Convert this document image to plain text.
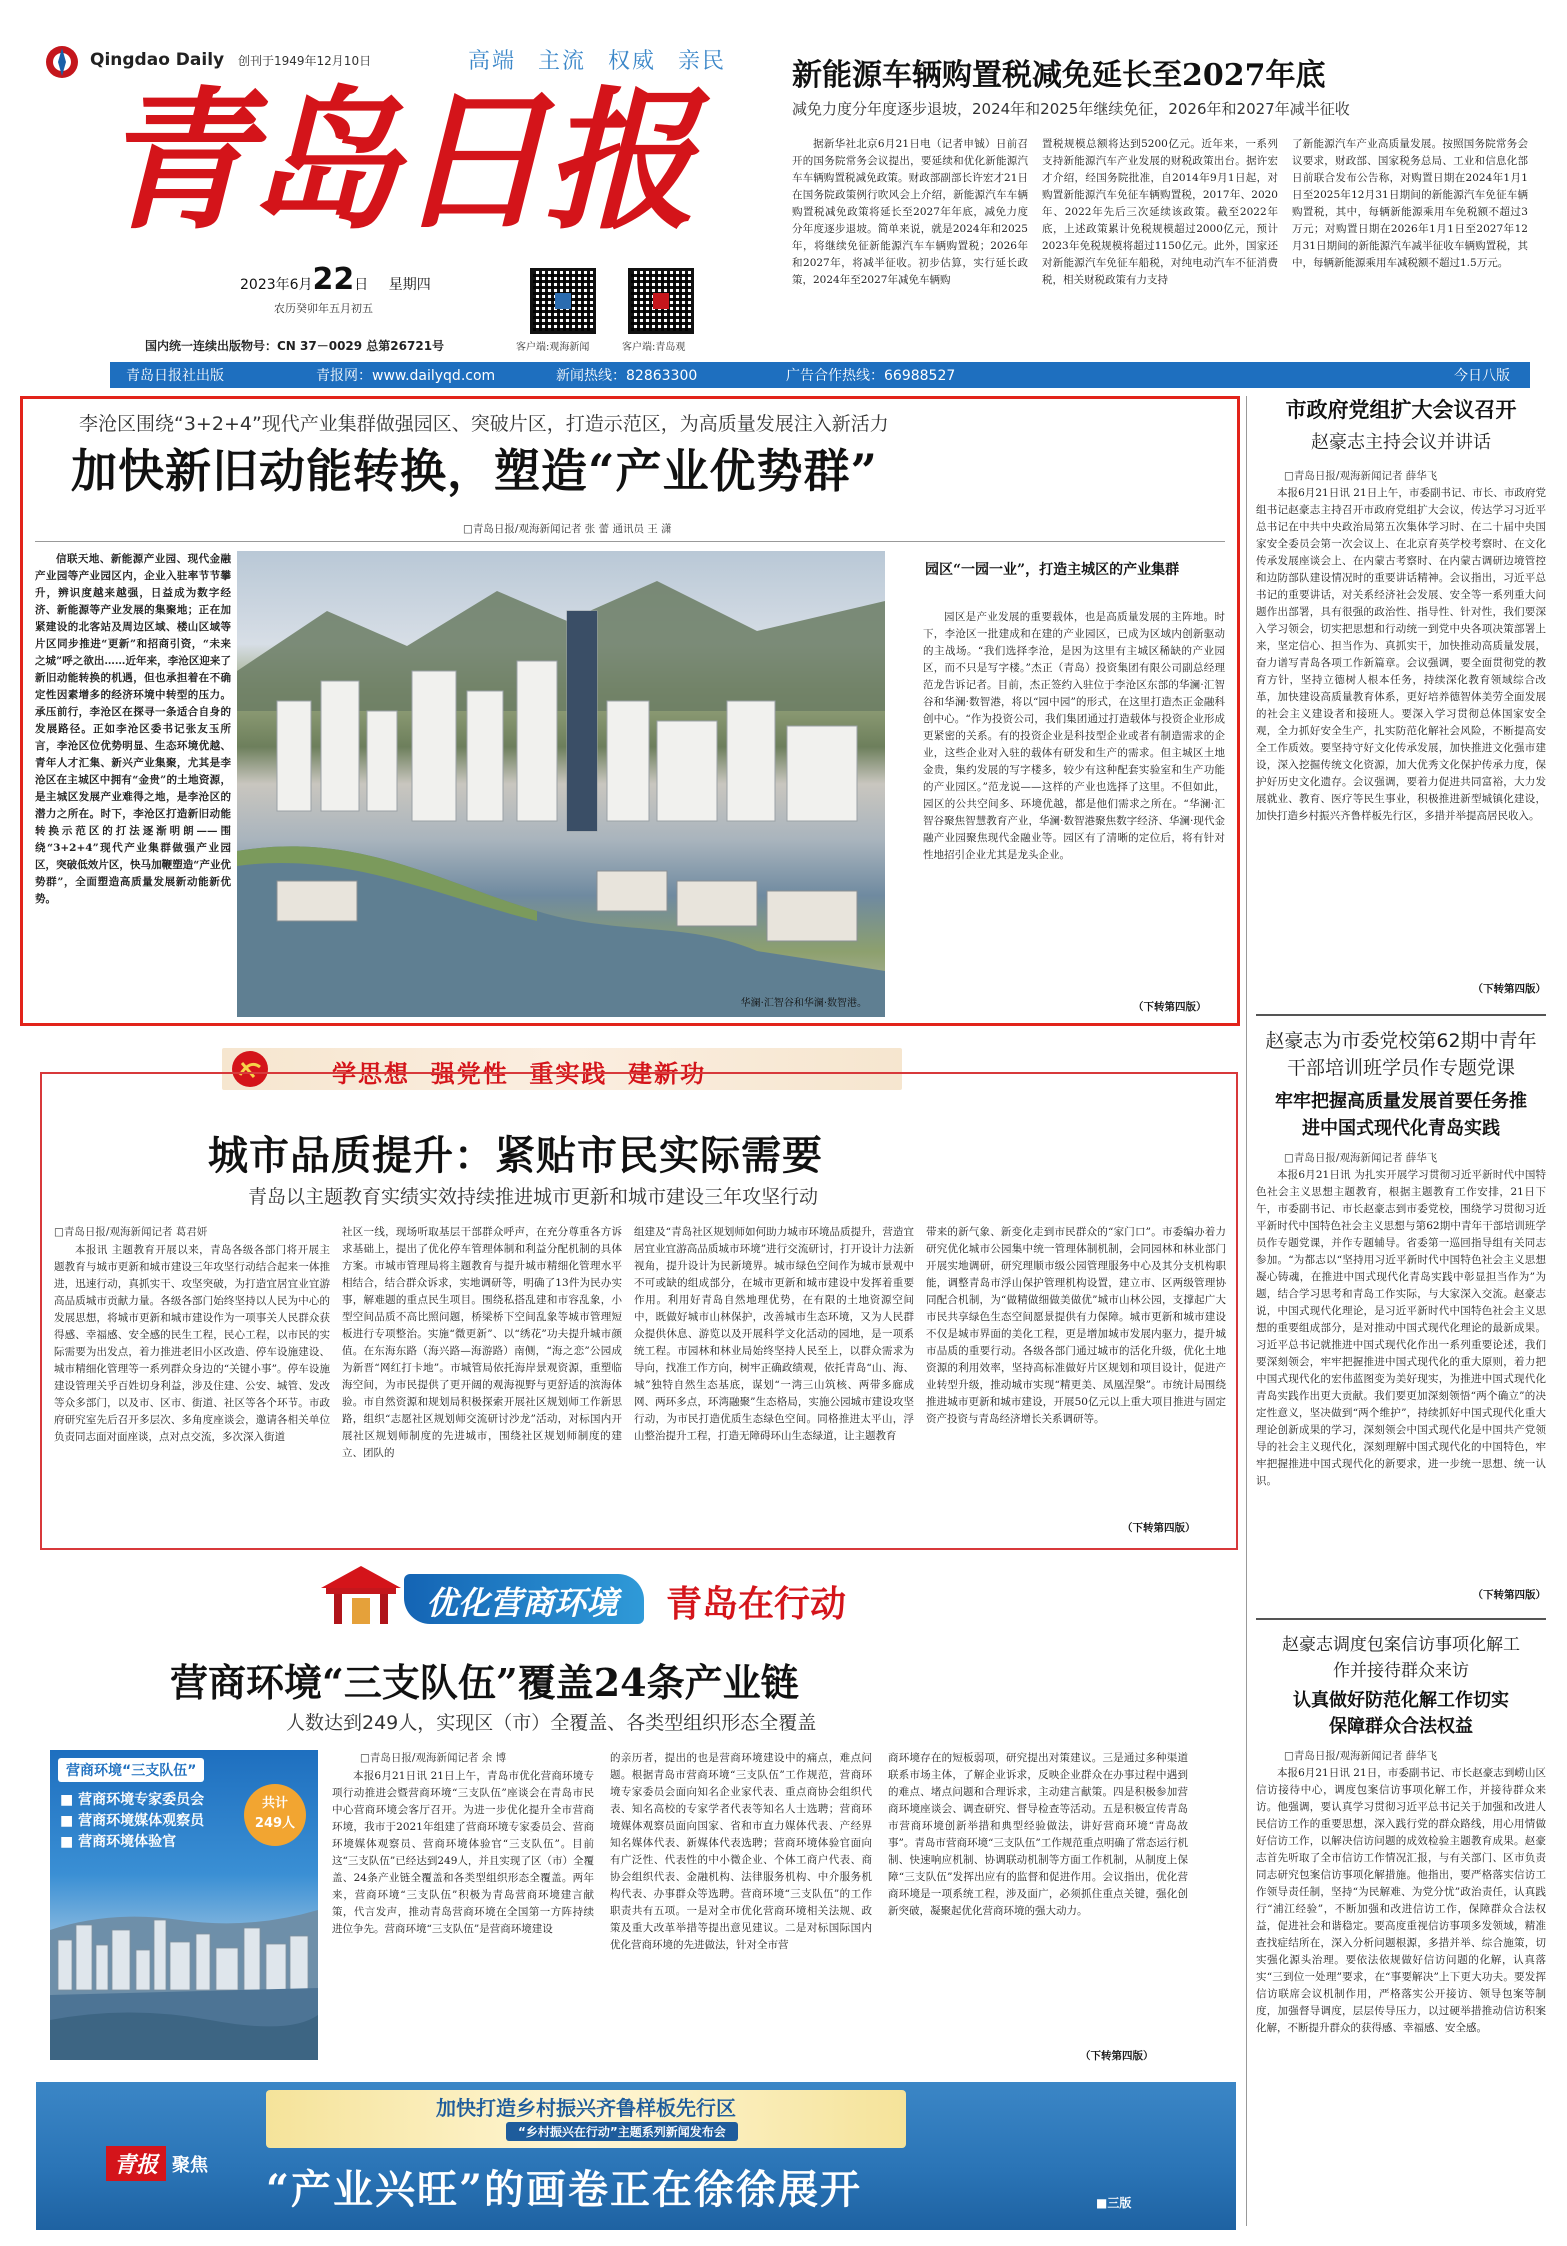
Qingdao Daily 创刊于1949年12月10日	高端 主流 权威 亲民
青岛日报
2023年6月22日 星期四
农历癸卯年五月初五
国内统一连续出版物号：CN 37－0029 总第26721号	客户端:观海新闻	客户端:青岛观
新能源车辆购置税减免延长至2027年底
减免力度分年度逐步退坡，2024年和2025年继续免征，2026年和2027年减半征收
据新华社北京6月21日电（记者申铖）日前召开的国务院常务会议提出，要延续和优化新能源汽车车辆购置税减免政策。财政部副部长许宏才21日在国务院政策例行吹风会上介绍，新能源汽车车辆购置税减免政策将延长至2027年年底，减免力度分年度逐步退坡。简单来说，就是2024年和2025年，将继续免征新能源汽车车辆购置税；2026年和2027年，将减半征收。初步估算，实行延长政策，2024年至2027年减免车辆购
置税规模总额将达到5200亿元。近年来，一系列支持新能源汽车产业发展的财税政策出台。据许宏才介绍，经国务院批准，自2014年9月1日起，对购置新能源汽车免征车辆购置税，2017年、2020年、2022年先后三次延续该政策。截至2022年底，上述政策累计免税规模超过2000亿元，预计2023年免税规模将超过1150亿元。此外，国家还对新能源汽车免征车船税，对纯电动汽车不征消费税，相关财税政策有力支持
了新能源汽车产业高质量发展。按照国务院常务会议要求，财政部、国家税务总局、工业和信息化部日前联合发布公告称，对购置日期在2024年1月1日至2025年12月31日期间的新能源汽车免征车辆购置税，其中，每辆新能源乘用车免税额不超过3万元；对购置日期在2026年1月1日至2027年12月31日期间的新能源汽车减半征收车辆购置税，其中，每辆新能源乘用车减税额不超过1.5万元。
青岛日报社出版	青报网：www.dailyqd.com	新闻热线：82863300	广告合作热线：66988527	今日八版
李沧区围绕“3+2+4”现代产业集群做强园区、突破片区，打造示范区，为高质量发展注入新活力
加快新旧动能转换，塑造“产业优势群”
□青岛日报/观海新闻记者 张 蕾 通讯员 王 潇
信联天地、新能源产业园、现代金融产业园等产业园区内，企业入驻率节节攀升，辨识度越来越强，日益成为数字经济、新能源等产业发展的集聚地；正在加紧建设的北客站及周边区域、楼山区域等片区同步推进“更新”和招商引资，“未来之城”呼之欲出……近年来，李沧区迎来了新旧动能转换的机遇，但也承担着在不确定性因素增多的经济环境中转型的压力。承压前行，李沧区在探寻一条适合自身的发展路径。正如李沧区委书记张友玉所言，李沧区位优势明显、生态环境优越、青年人才汇集、新兴产业集聚，尤其是李沧区在主城区中拥有“金贵”的土地资源，是主城区发展产业难得之地，是李沧区的潜力之所在。时下，李沧区打造新旧动能转换示范区的打法逐渐明朗——围绕“3+2+4”现代产业集群做强产业园区，突破低效片区，快马加鞭塑造“产业优势群”，全面塑造高质量发展新动能新优势。
华澜·汇智谷和华澜·数智港。
园区“一园一业”，打造主城区的产业集群
园区是产业发展的重要载体，也是高质量发展的主阵地。时下，李沧区一批建成和在建的产业园区，已成为区域内创新驱动的主战场。“我们选择李沧，是因为这里有主城区稀缺的产业园区，而不只是写字楼。”杰正（青岛）投资集团有限公司副总经理范龙告诉记者。目前，杰正签约入驻位于李沧区东部的华澜·汇智谷和华澜·数智港，将以“园中园”的形式，在这里打造杰正金融科创中心。“作为投资公司，我们集团通过打造载体与投资企业形成更紧密的关系。有的投资企业是科技型企业或者有制造需求的企业，这些企业对入驻的载体有研发和生产的需求。但主城区土地金贵，集约发展的写字楼多，较少有这种配套实验室和生产功能的产业园区。”范龙说——这样的产业也选择了这里。不但如此，园区的公共空间多、环境优越，都是他们需求之所在。“华澜·汇智谷聚焦智慧教育产业，华澜·数智港聚焦数字经济、华澜·现代金融产业园聚焦现代金融业等。园区有了清晰的定位后，将有针对性地招引企业尤其是龙头企业。
（下转第四版）
市政府党组扩大会议召开
赵豪志主持会议并讲话
□青岛日报/观海新闻记者 薛华飞
本报6月21日讯 21日上午，市委副书记、市长、市政府党组书记赵豪志主持召开市政府党组扩大会议，传达学习习近平总书记在中共中央政治局第五次集体学习时、在二十届中央国家安全委员会第一次会议上、在北京育英学校考察时、在文化传承发展座谈会上、在内蒙古考察时、在内蒙古调研边境管控和边防部队建设情况时的重要讲话精神。会议指出，习近平总书记的重要讲话，对关系经济社会发展、安全等一系列重大问题作出部署，具有很强的政治性、指导性、针对性，我们要深入学习领会，切实把思想和行动统一到党中央各项决策部署上来，坚定信心、担当作为、真抓实干，加快推动高质量发展，奋力谱写青岛各项工作新篇章。会议强调，要全面贯彻党的教育方针，坚持立德树人根本任务，持续深化教育领域综合改革，加快建设高质量教育体系，更好培养德智体美劳全面发展的社会主义建设者和接班人。要深入学习贯彻总体国家安全观，全力抓好安全生产，扎实防范化解社会风险，不断提高安全工作质效。要坚持守好文化传承发展，加快推进文化强市建设，深入挖掘传统文化资源，加大优秀文化保护传承力度，保护好历史文化遗存。会议强调，要着力促进共同富裕，大力发展就业、教育、医疗等民生事业，积极推进新型城镇化建设，加快打造乡村振兴齐鲁样板先行区，多措并举提高居民收入。
（下转第四版）
赵豪志为市委党校第62期中青年干部培训班学员作专题党课
牢牢把握高质量发展首要任务推进中国式现代化青岛实践
□青岛日报/观海新闻记者 薛华飞
本报6月21日讯 为扎实开展学习贯彻习近平新时代中国特色社会主义思想主题教育，根据主题教育工作安排，21日下午，市委副书记、市长赵豪志到市委党校，围绕学习贯彻习近平新时代中国特色社会主义思想与第62期中青年干部培训班学员作专题党课，并作专题辅导。省委第一巡回指导组有关同志参加。“为都志以“坚持用习近平新时代中国特色社会主义思想凝心铸魂，在推进中国式现代化青岛实践中彰显担当作为”为题，结合学习思考和青岛工作实际，与大家深入交流。赵豪志说，中国式现代化理论，是习近平新时代中国特色社会主义思想的重要组成部分，是对推动中国式现代化理论的最新成果。习近平总书记就推进中国式现代化作出一系列重要论述，我们要深刻领会，牢牢把握推进中国式现代化的重大原则，着力把中国式现代化的宏伟蓝图变为美好现实，为推进中国式现代化青岛实践作出更大贡献。我们要更加深刻领悟“两个确立”的决定性意义，坚决做到“两个维护”，持续抓好中国式现代化重大理论创新成果的学习，深刻领会中国式现代化是中国共产党领导的社会主义现代化，深刻理解中国式现代化的中国特色，牢牢把握推进中国式现代化的新要求，进一步统一思想、统一认识。
（下转第四版）
赵豪志调度包案信访事项化解工作并接待群众来访
认真做好防范化解工作切实保障群众合法权益
□青岛日报/观海新闻记者 薛华飞
本报6月21日讯 21日，市委副书记、市长赵豪志到崂山区信访接待中心，调度包案信访事项化解工作，并接待群众来访。他强调，要认真学习贯彻习近平总书记关于加强和改进人民信访工作的重要思想，深入践行党的群众路线，用心用情做好信访工作，以解决信访问题的成效检验主题教育成果。赵豪志首先听取了全市信访工作情况汇报，与有关部门、区市负责同志研究包案信访事项化解措施。他指出，要严格落实信访工作领导责任制，坚持“为民解难、为党分忧”政治责任，认真践行“浦江经验”，不断加强和改进信访工作，保障群众合法权益，促进社会和谐稳定。要高度重视信访事项多发领域，精准查找症结所在，深入分析问题根源，多措并举、综合施策，切实强化源头治理。要依法依规做好信访问题的化解，认真落实“三到位一处理”要求，在“事要解决”上下更大功夫。要发挥信访联席会议机制作用，严格落实公开接访、领导包案等制度，加强督导调度，层层传导压力，以过硬举措推动信访积案化解，不断提升群众的获得感、幸福感、安全感。
学思想  强党性  重实践  建新功
城市品质提升：紧贴市民实际需要
青岛以主题教育实绩实效持续推进城市更新和城市建设三年攻坚行动
□青岛日报/观海新闻记者 葛君妍
本报讯 主题教育开展以来，青岛各级各部门将开展主题教育与城市更新和城市建设三年攻坚行动结合起来一体推进，迅速行动，真抓实干、攻坚突破，为打造宜居宜业宜游高品质城市贡献力量。各级各部门始终坚持以人民为中心的发展思想，将城市更新和城市建设作为一项事关人民群众获得感、幸福感、安全感的民生工程，民心工程，以市民的实际需要为出发点，着力推进老旧小区改造、停车设施建设、城市精细化管理等一系列群众身边的“关键小事”。停车设施建设管理关乎百姓切身利益，涉及住建、公安、城管、发改等众多部门，以及市、区市、街道、社区等各个环节。市政府研究室先后召开多层次、多角度座谈会，邀请各相关单位负责同志面对面座谈，点对点交流，多次深入街道
社区一线，现场听取基层干部群众呼声，在充分尊重各方诉求基础上，提出了优化停车管理体制和利益分配机制的具体方案。市城市管理局将主题教育与提升城市精细化管理水平相结合，结合群众诉求，实地调研等，明确了13件为民办实事，解难题的重点民生项目。围绕私搭乱建和市容乱象，小型空间品质不高比照问题，桥梁桥下空间乱象等城市管理短板进行专项整治。实施“微更新”、以“绣花”功夫提升城市颜值。在东海东路（海兴路—海游路）南侧，“海之恋”公园成为新晋“网红打卡地”。市城管局依托海岸景观资源，重塑临海空间，为市民提供了更开阔的观海视野与更舒适的滨海体验。市自然资源和规划局积极探索开展社区规划师工作新思路，组织“志愿社区规划师交流研讨沙龙”活动，对标国内开展社区规划师制度的先进城市，围绕社区规划师制度的建立、团队的
组建及“青岛社区规划师如何助力城市环境品质提升，营造宜居宜业宜游高品质城市环境”进行交流研讨，打开设计力法新视角，提升设计为民新境界。城市绿色空间作为城市景观中不可或缺的组成部分，在城市更新和城市建设中发挥着重要作用。利用好青岛自然地理优势，在有限的土地资源空间中，既做好城市山林保护，改善城市生态环境，又为人民群众提供休息、游览以及开展科学文化活动的园地，是一项系统工程。市园林和林业局始终坚持人民至上，以群众需求为导向，找准工作方向，树牢正确政绩观，依托青岛“山、海、城”独特自然生态基底，谋划“一湾三山筑核、两带多廊成网、两环多点，环湾融聚”生态格局，实施公园城市建设攻坚行动，为市民打造优质生态绿色空间。同格推进太平山，浮山整治提升工程，打造无障碍环山生态绿道，让主题教育
带来的新气象、新变化走到市民群众的“家门口”。市委编办着力研究优化城市公园集中统一管理体制机制，会同园林和林业部门开展实地调研，研究理顺市级公园管理服务中心及其分支机构职能，调整青岛市浮山保护管理机构设置，建立市、区两级管理协同配合机制，为“做精做细做美做优”城市山林公园，支撑起广大市民共享绿色生态空间愿景提供有力保障。城市更新和城市建设不仅是城市界面的美化工程，更是增加城市发展内驱力，提升城市品质的重要行动。各级各部门通过城市的活化升级，优化土地资源的利用效率，坚持高标准做好片区规划和项目设计，促进产业转型升级，推动城市实现“精更美、凤凰涅槃”。市统计局围绕推进城市更新和城市建设，开展50亿元以上重大项目推进与固定资产投资与青岛经济增长关系调研等。
（下转第四版）
优化营商环境 青岛在行动
营商环境“三支队伍”覆盖24条产业链
人数达到249人，实现区（市）全覆盖、各类型组织形态全覆盖
□青岛日报/观海新闻记者 余 博
营商环境“三支队伍”
■ 营商环境专家委员会
■ 营商环境媒体观察员
■ 营商环境体验官
共计
249人
本报6月21日讯 21日上午，青岛市优化营商环境专项行动推进会暨营商环境“三支队伍”座谈会在青岛市民中心营商环境会客厅召开。为进一步优化提升全市营商环境，我市于2021年组建了营商环境专家委员会、营商环境媒体观察员、营商环境体验官“三支队伍”。目前这“三支队伍”已经达到249人，并且实现了区（市）全覆盖、24条产业链全覆盖和各类型组织形态全覆盖。两年来，营商环境“三支队伍”积极为青岛营商环境建言献策，代言发声，推动青岛营商环境在全国第一方阵持续进位争先。营商环境“三支队伍”是营商环境建设
的亲历者，提出的也是营商环境建设中的痛点，难点问题。根据青岛市营商环境“三支队伍”工作规范，营商环境专家委员会面向知名企业家代表、重点商协会组织代表、知名高校的专家学者代表等知名人士选聘；营商环境媒体观察员面向国家、省和市直力媒体代表、产经界知名媒体代表、新媒体代表选聘；营商环境体验官面向有广泛性、代表性的中小微企业、个体工商户代表、商协会组织代表、金融机构、法律服务机构、中介服务机构代表、办事群众等选聘。营商环境“三支队伍”的工作职责共有五项。一是对全市优化营商环境相关法规、政策及重大改革举措等提出意见建议。二是对标国际国内优化营商环境的先进做法，针对全市营
商环境存在的短板弱项，研究提出对策建议。三是通过多种渠道联系市场主体，了解企业诉求，反映企业群众在办事过程中遇到的难点、堵点问题和合理诉求，主动建言献策。四是积极参加营商环境座谈会、调查研究、督导检查等活动。五是积极宣传青岛市营商环境创新举措和典型经验做法，讲好营商环境“青岛故事”。青岛市营商环境“三支队伍”工作规范重点明确了常态运行机制、快速响应机制、协调联动机制等方面工作机制，从制度上保障“三支队伍”发挥出应有的监督和促进作用。会议指出，优化营商环境是一项系统工程，涉及面广，必须抓住重点关键，强化创新突破，凝聚起优化营商环境的强大动力。
（下转第四版）
加快打造乡村振兴齐鲁样板先行区
“乡村振兴在行动”主题系列新闻发布会
青报 聚焦
“产业兴旺”的画卷正在徐徐展开	■三版
